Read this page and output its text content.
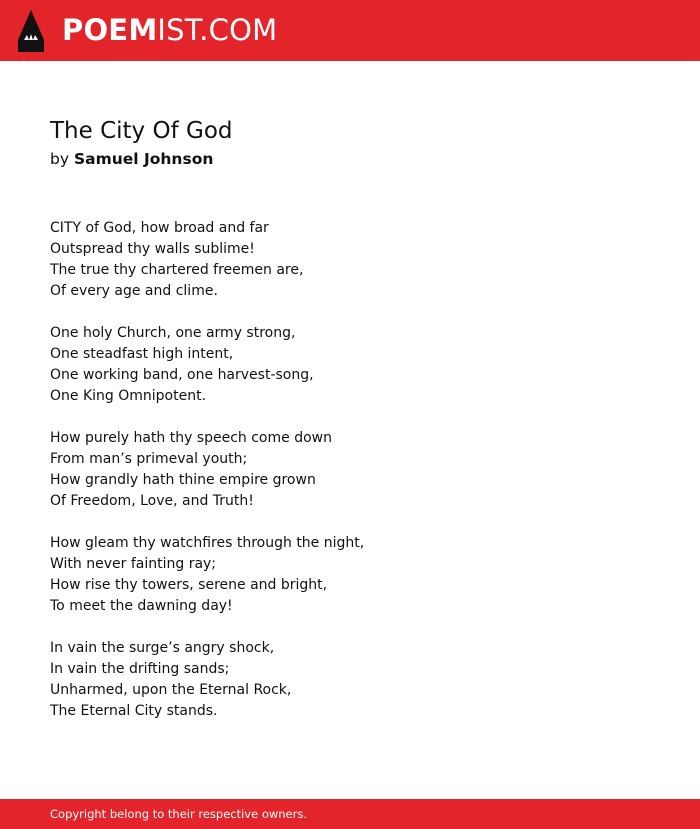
POEMIST.COM
The City Of God
by Samuel Johnson
CITY of God, how broad and far
Outspread thy walls sublime!
The true thy chartered freemen are,
Of every age and clime.
One holy Church, one army strong,
One steadfast high intent,
One working band, one harvest-song,
One King Omnipotent.
How purely hath thy speech come down
From man’s primeval youth;
How grandly hath thine empire grown
Of Freedom, Love, and Truth!
How gleam thy watchfires through the night,
With never fainting ray;
How rise thy towers, serene and bright,
To meet the dawning day!
In vain the surge’s angry shock,
In vain the drifting sands;
Unharmed, upon the Eternal Rock,
The Eternal City stands.
Copyright belong to their respective owners.
